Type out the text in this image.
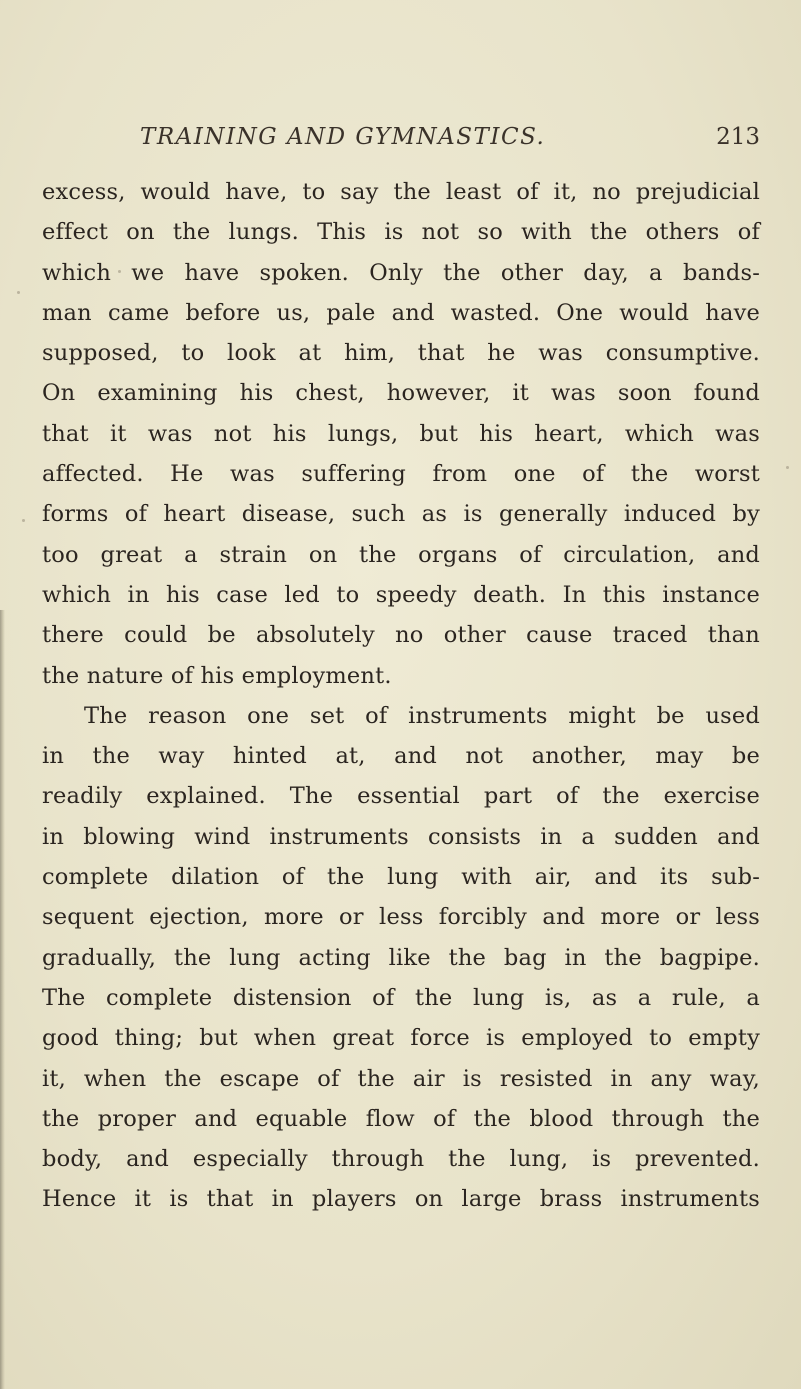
TRAINING AND GYMNASTICS.	213
excess, would have, to say the least of it, no prejudicial
effect on the lungs. This is not so with the others of
which we have spoken. Only the other day, a bands-
man came before us, pale and wasted. One would have
supposed, to look at him, that he was consumptive.
On examining his chest, however, it was soon found
that it was not his lungs, but his heart, which was
affected. He was suffering from one of the worst
forms of heart disease, such as is generally induced by
too great a strain on the organs of circulation, and
which in his case led to speedy death. In this instance
there could be absolutely no other cause traced than
the nature of his employment.
The reason one set of instruments might be used
in the way hinted at, and not another, may be
readily explained. The essential part of the exercise
in blowing wind instruments consists in a sudden and
complete dilation of the lung with air, and its sub-
sequent ejection, more or less forcibly and more or less
gradually, the lung acting like the bag in the bagpipe.
The complete distension of the lung is, as a rule, a
good thing; but when great force is employed to empty
it, when the escape of the air is resisted in any way,
the proper and equable flow of the blood through the
body, and especially through the lung, is prevented.
Hence it is that in players on large brass instruments
